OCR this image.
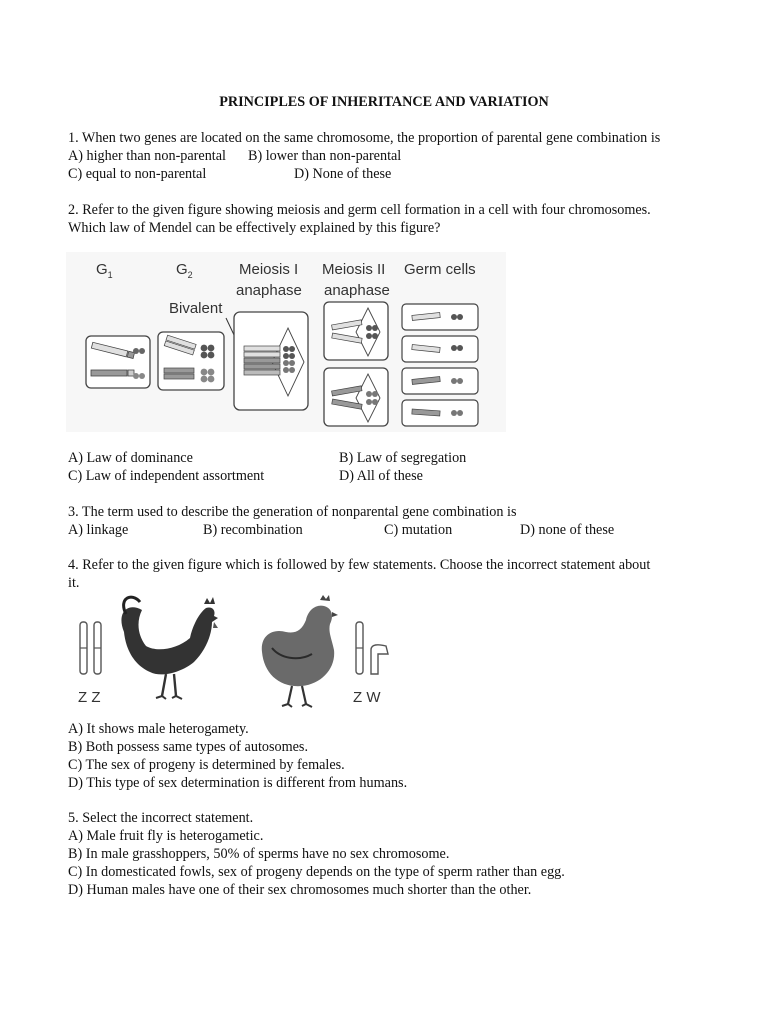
PRINCIPLES OF INHERITANCE AND VARIATION
1. When two genes are located on the same chromosome, the proportion of parental gene combination is
A) higher than non-parental B) lower than non-parental
C) equal to non-parental	D) None of these
2. Refer to the given figure showing meiosis and germ cell formation in a cell with four chromosomes.
Which law of Mendel can be effectively explained by this figure?
$G_1$	$G_2$	Meiosis I
anaphase
Meiosis II
anaphase
Germ cells
Bivalent
A) Law of dominance	B) Law of segregation
C) Law of independent assortment	D) All of these
3. The term used to describe the generation of nonparental gene combination is
A) linkage	B) recombination	C) mutation	D) none of these
4. Refer to the given figure which is followed by few statements. Choose the incorrect statement about
it.
Z Z	Z W
A) It shows male heterogamety.
B) Both possess same types of autosomes.
C) The sex of progeny is determined by females.
D) This type of sex determination is different from humans.
5. Select the incorrect statement.
A) Male fruit fly is heterogametic.
B) In male grasshoppers, 50% of sperms have no sex chromosome.
C) In domesticated fowls, sex of progeny depends on the type of sperm rather than egg.
D) Human males have one of their sex chromosomes much shorter than the other.
